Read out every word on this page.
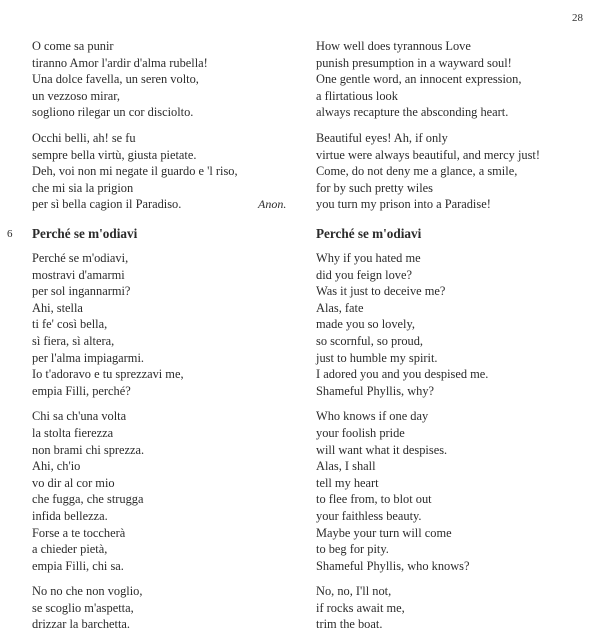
28
O come sa punir
tiranno Amor l'ardir d'alma rubella!
Una dolce favella, un seren volto,
un vezzoso mirar,
sogliono rilegar un cor disciolto.
Occhi belli, ah! se fu
sempre bella virtù, giusta pietate.
Deh, voi non mi negate il guardo e 'l riso,
che mi sia la prigion
per sì bella cagion il Paradiso.
How well does tyrannous Love
punish presumption in a wayward soul!
One gentle word, an innocent expression,
a flirtatious look
always recapture the absconding heart.
Beautiful eyes! Ah, if only
virtue were always beautiful, and mercy just!
Come, do not deny me a glance, a smile,
for by such pretty wiles
you turn my prison into a Paradise!
Anon.
6 Perché se m'odiavi	Perché se m'odiavi
Perché se m'odiavi,
mostravi d'amarmi
per sol ingannarmi?
Ahi, stella
ti fe' così bella,
sì fiera, sì altera,
per l'alma impiagarmi.
Io t'adoravo e tu sprezzavi me,
empia Filli, perché?
Chi sa ch'una volta
la stolta fierezza
non brami chi sprezza.
Ahi, ch'io
vo dir al cor mio
che fugga, che strugga
infida bellezza.
Forse a te toccherà
a chieder pietà,
empia Filli, chi sa.
No no che non voglio,
se scoglio m'aspetta,
drizzar la barchetta.
Why if you hated me
did you feign love?
Was it just to deceive me?
Alas, fate
made you so lovely,
so scornful, so proud,
just to humble my spirit.
I adored you and you despised me.
Shameful Phyllis, why?
Who knows if one day
your foolish pride
will want what it despises.
Alas, I shall
tell my heart
to flee from, to blot out
your faithless beauty.
Maybe your turn will come
to beg for pity.
Shameful Phyllis, who knows?
No, no, I'll not,
if rocks await me,
trim the boat.
